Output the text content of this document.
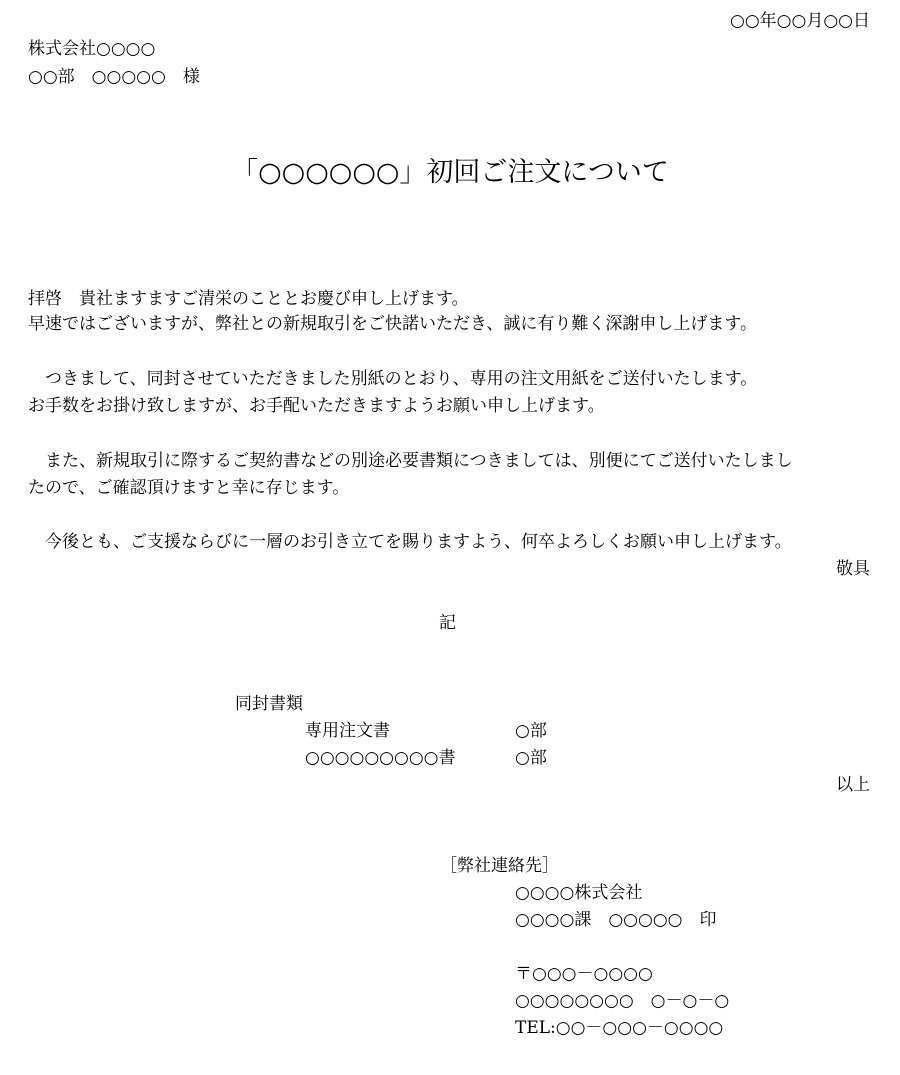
○○年○○月○○日
株式会社○○○○
○○部　○○○○○　様
「○○○○○○」初回ご注文について
拝啓　貴社ますますご清栄のこととお慶び申し上げます。
早速ではございますが、弊社との新規取引をご快諾いただき、誠に有り難く深謝申し上げます。
　つきまして、同封させていただきました別紙のとおり、専用の注文用紙をご送付いたします。
お手数をお掛け致しますが、お手配いただきますようお願い申し上げます。
　また、新規取引に際するご契約書などの別途必要書類につきましては、別便にてご送付いたしまし
たので、ご確認頂けますと幸に存じます。
　今後とも、ご支援ならびに一層のお引き立てを賜りますよう、何卒よろしくお願い申し上げます。
敬具
記
同封書類
専用注文書	○部
○○○○○○○○○書	○部
以上
［弊社連絡先］
○○○○株式会社
○○○○課　○○○○○　印
〒○○○－○○○○
○○○○○○○○　○－○－○
TEL:○○－○○○－○○○○
